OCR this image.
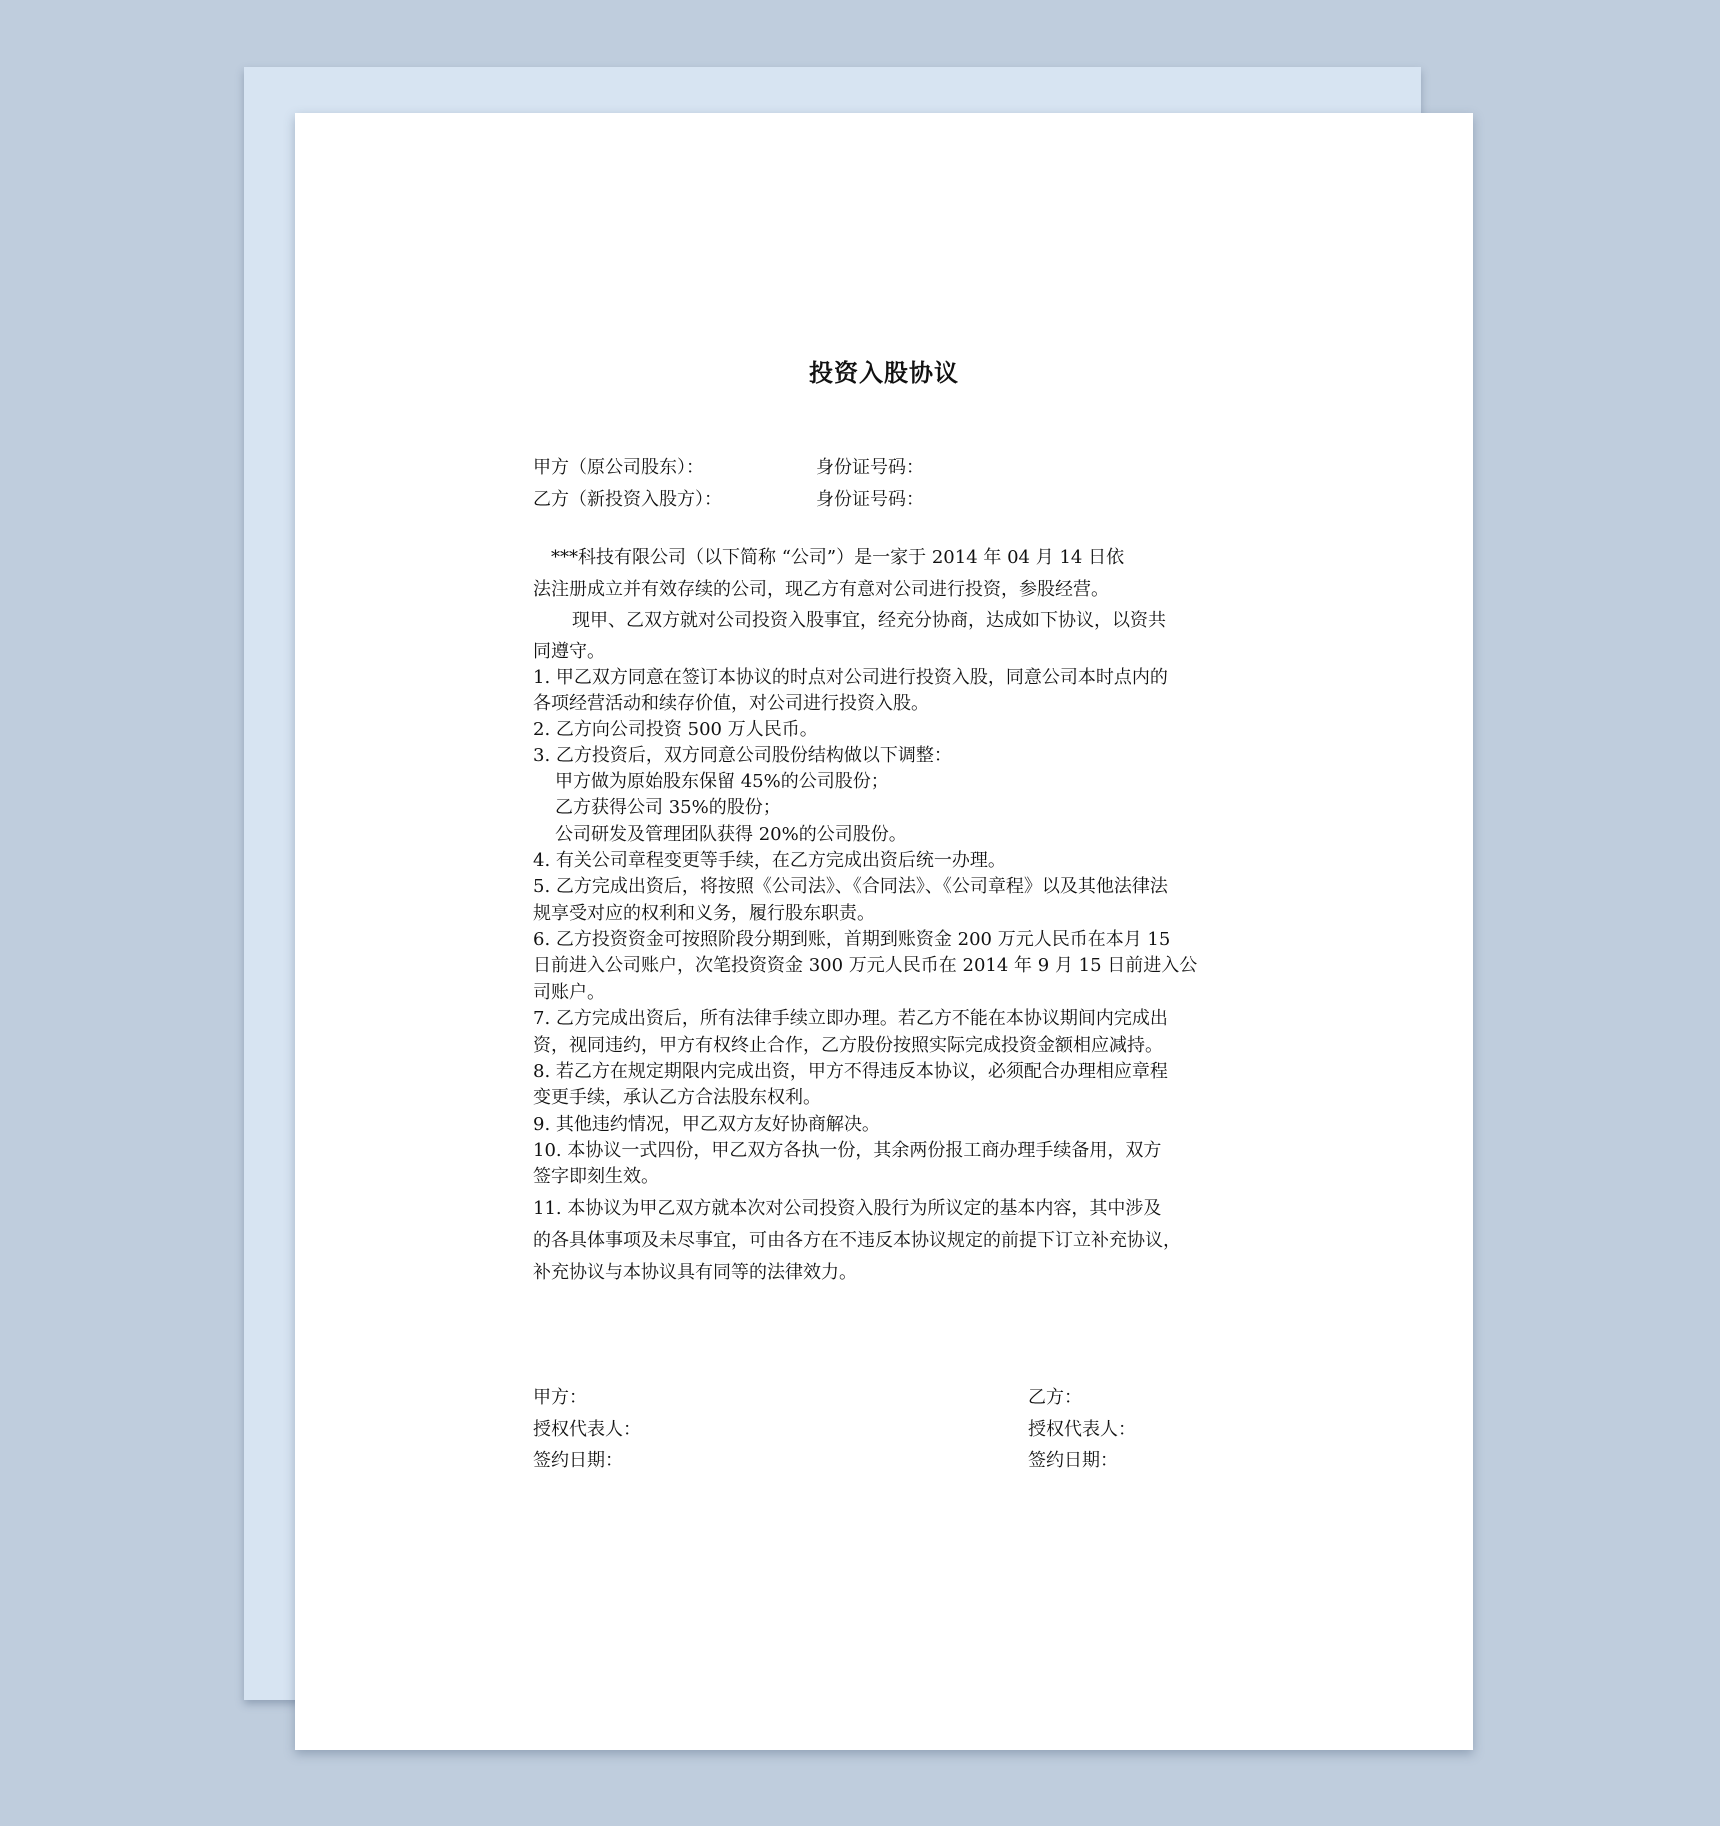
投资入股协议
甲方（原公司股东）：	身份证号码：
乙方（新投资入股方）：	身份证号码：
***科技有限公司（以下简称 “公司”）是一家于 2014 年 04 月 14 日依
法注册成立并有效存续的公司，现乙方有意对公司进行投资，参股经营。
现甲、乙双方就对公司投资入股事宜，经充分协商，达成如下协议，以资共
同遵守。
1. 甲乙双方同意在签订本协议的时点对公司进行投资入股，同意公司本时点内的
各项经营活动和续存价值，对公司进行投资入股。
2. 乙方向公司投资 500 万人民币。
3. 乙方投资后，双方同意公司股份结构做以下调整：
甲方做为原始股东保留 45%的公司股份；
乙方获得公司 35%的股份；
公司研发及管理团队获得 20%的公司股份。
4. 有关公司章程变更等手续，在乙方完成出资后统一办理。
5. 乙方完成出资后，将按照《公司法》、《合同法》、《公司章程》以及其他法律法
规享受对应的权利和义务，履行股东职责。
6. 乙方投资资金可按照阶段分期到账，首期到账资金 200 万元人民币在本月 15
日前进入公司账户，次笔投资资金 300 万元人民币在 2014 年 9 月 15 日前进入公
司账户。
7. 乙方完成出资后，所有法律手续立即办理。若乙方不能在本协议期间内完成出
资，视同违约，甲方有权终止合作，乙方股份按照实际完成投资金额相应减持。
8. 若乙方在规定期限内完成出资，甲方不得违反本协议，必须配合办理相应章程
变更手续，承认乙方合法股东权利。
9. 其他违约情况，甲乙双方友好协商解决。
10. 本协议一式四份，甲乙双方各执一份，其余两份报工商办理手续备用，双方
签字即刻生效。
11. 本协议为甲乙双方就本次对公司投资入股行为所议定的基本内容，其中涉及
的各具体事项及未尽事宜，可由各方在不违反本协议规定的前提下订立补充协议，
补充协议与本协议具有同等的法律效力。
甲方：
授权代表人：
签约日期：
乙方：
授权代表人：
签约日期：
